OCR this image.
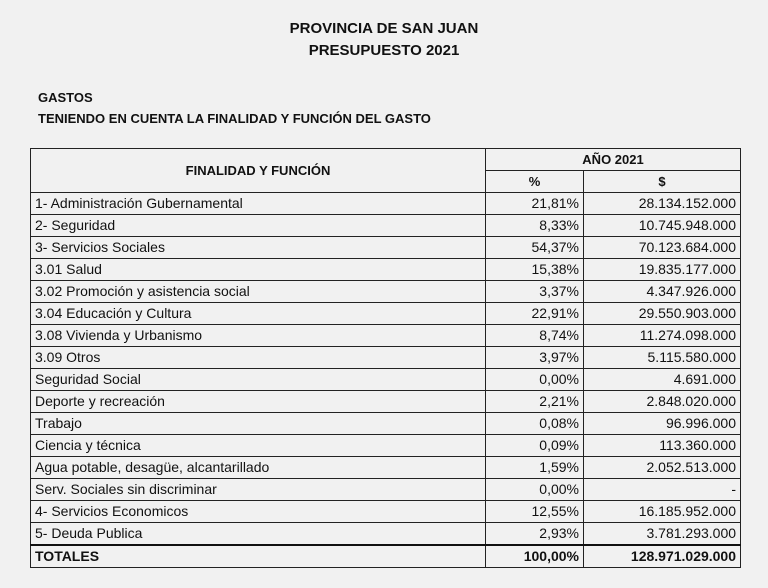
PROVINCIA DE SAN JUAN
PRESUPUESTO 2021
GASTOS
TENIENDO EN CUENTA LA FINALIDAD Y FUNCIÓN DEL GASTO
FINALIDAD Y FUNCIÓN	AÑO 2021	
	%	$
1- Administración Gubernamental	21,81%	28.134.152.000
2- Seguridad	8,33%	10.745.948.000
3- Servicios Sociales	54,37%	70.123.684.000
3.01 Salud	15,38%	19.835.177.000
3.02 Promoción y asistencia social	3,37%	4.347.926.000
3.04 Educación y Cultura	22,91%	29.550.903.000
3.08 Vivienda y Urbanismo	8,74%	11.274.098.000
3.09 Otros	3,97%	5.115.580.000
Seguridad Social	0,00%	4.691.000
Deporte y recreación	2,21%	2.848.020.000
Trabajo	0,08%	96.996.000
Ciencia y técnica	0,09%	113.360.000
Agua potable, desagüe, alcantarillado	1,59%	2.052.513.000
Serv. Sociales sin discriminar	0,00%	-
4- Servicios Economicos	12,55%	16.185.952.000
5- Deuda Publica	2,93%	3.781.293.000
TOTALES	100,00%	128.971.029.000
